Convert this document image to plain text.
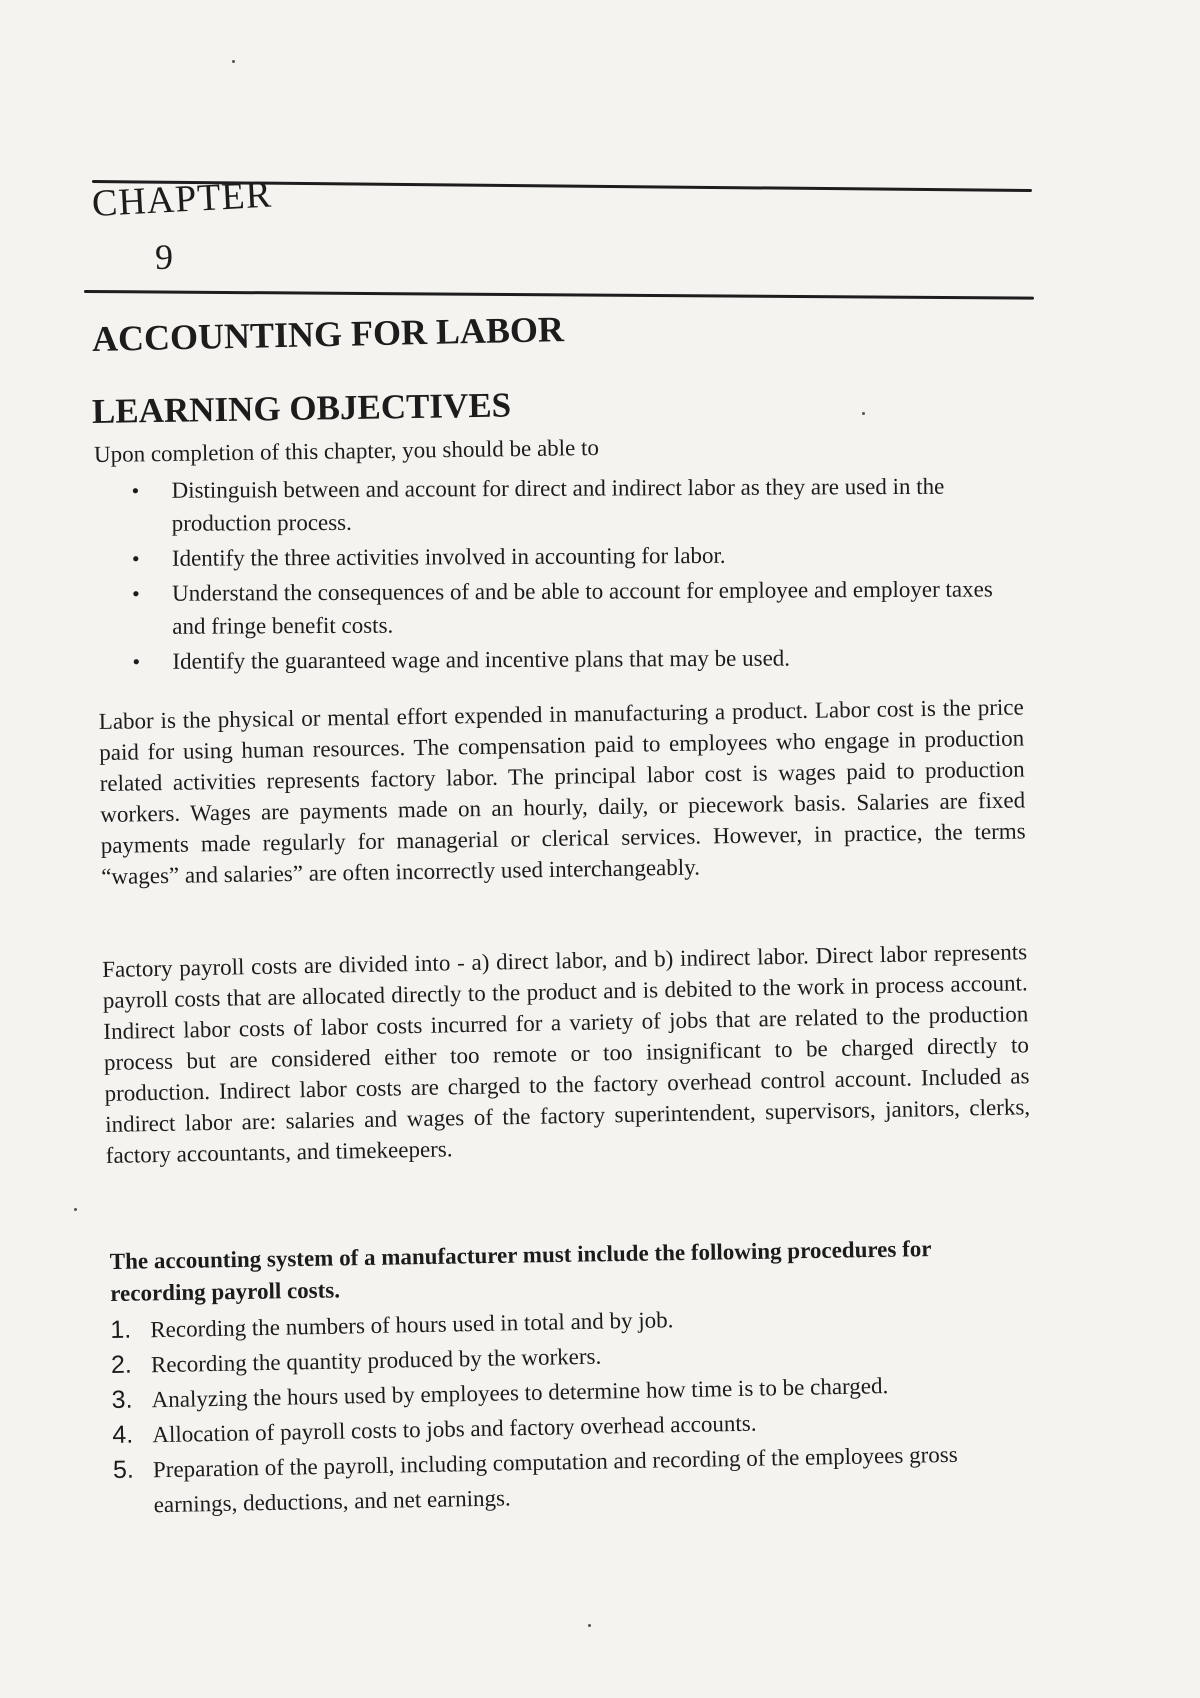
CHAPTER
9
ACCOUNTING FOR LABOR
LEARNING OBJECTIVES
Upon completion of this chapter, you should be able to
• Distinguish between and account for direct and indirect labor as they are used in the production process.
• Identify the three activities involved in accounting for labor.
• Understand the consequences of and be able to account for employee and employer taxes and fringe benefit costs.
• Identify the guaranteed wage and incentive plans that may be used.

Labor is the physical or mental effort expended in manufacturing a product. Labor cost is the price paid for using human resources. The compensation paid to employees who engage in production related activities represents factory labor. The principal labor cost is wages paid to production workers. Wages are payments made on an hourly, daily, or piecework basis. Salaries are fixed payments made regularly for managerial or clerical services. However, in practice, the terms “wages” and salaries” are often incorrectly used interchangeably.

Factory payroll costs are divided into - a) direct labor, and b) indirect labor. Direct labor represents payroll costs that are allocated directly to the product and is debited to the work in process account. Indirect labor costs of labor costs incurred for a variety of jobs that are related to the production process but are considered either too remote or too insignificant to be charged directly to production. Indirect labor costs are charged to the factory overhead control account. Included as indirect labor are: salaries and wages of the factory superintendent, supervisors, janitors, clerks, factory accountants, and timekeepers.

The accounting system of a manufacturer must include the following procedures for recording payroll costs.

1. Recording the numbers of hours used in total and by job.
2. Recording the quantity produced by the workers.
3. Analyzing the hours used by employees to determine how time is to be charged.
4. Allocation of payroll costs to jobs and factory overhead accounts.
5. Preparation of the payroll, including computation and recording of the employees gross earnings, deductions, and net earnings.
